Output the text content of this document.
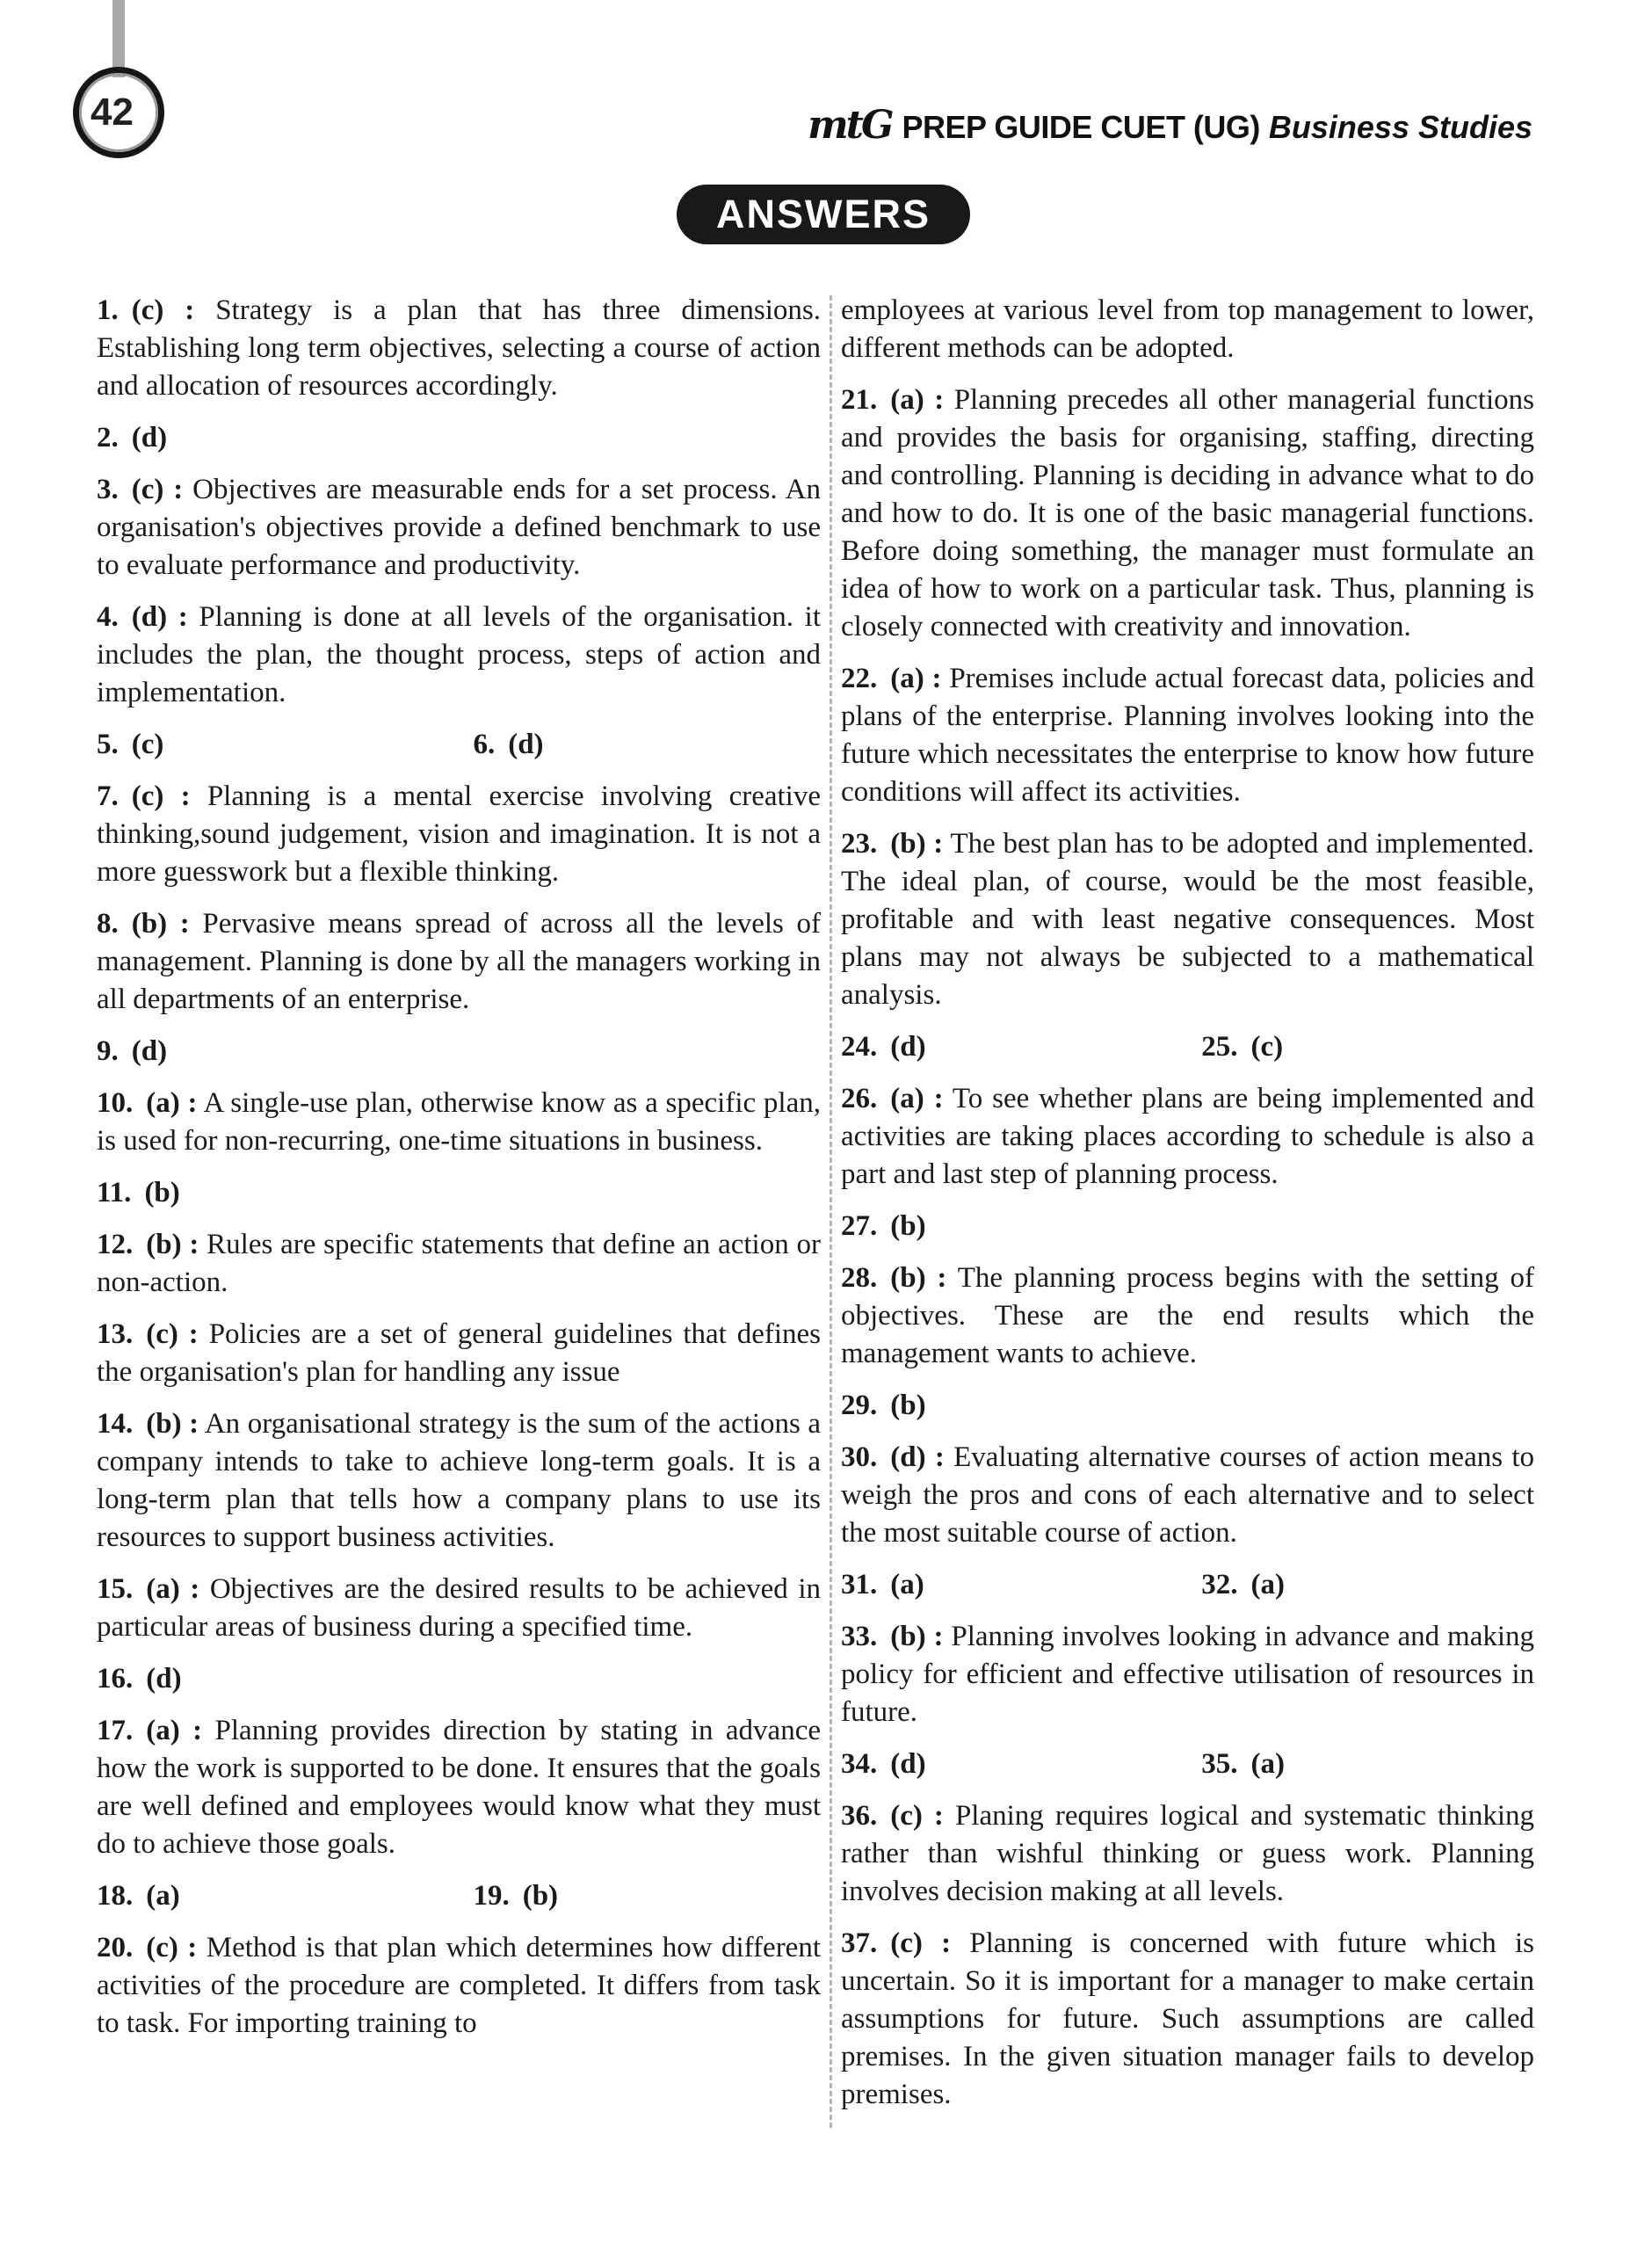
42	mtG PREP GUIDE CUET (UG) Business Studies
ANSWERS

1. (c) : Strategy is a plan that has three dimensions. Establishing long term objectives, selecting a course of action and allocation of resources accordingly.

2. (d)

3. (c) : Objectives are measurable ends for a set process. An organisation's objectives provide a defined benchmark to use to evaluate performance and productivity.

4. (d) : Planning is done at all levels of the organisation. it includes the plan, the thought process, steps of action and implementation.

5. (c)	6. (d)

7. (c) : Planning is a mental exercise involving creative thinking,sound judgement, vision and imagination. It is not a more guesswork but a flexible thinking.

8. (b) : Pervasive means spread of across all the levels of management. Planning is done by all the managers working in all departments of an enterprise.

9. (d)

10. (a) : A single-use plan, otherwise know as a specific plan, is used for non-recurring, one-time situations in business.

11. (b)

12. (b) : Rules are specific statements that define an action or non-action.

13. (c) : Policies are a set of general guidelines that defines the organisation's plan for handling any issue

14. (b) : An organisational strategy is the sum of the actions a company intends to take to achieve long-term goals. It is a long-term plan that tells how a company plans to use its resources to support business activities.

15. (a) : Objectives are the desired results to be achieved in particular areas of business during a specified time.

16. (d)

17. (a) : Planning provides direction by stating in advance how the work is supported to be done. It ensures that the goals are well defined and employees would know what they must do to achieve those goals.

18. (a)	19. (b)

20. (c) : Method is that plan which determines how different activities of the procedure are completed. It differs from task to task. For importing training to

employees at various level from top management to lower, different methods can be adopted.

21. (a) : Planning precedes all other managerial functions and provides the basis for organising, staffing, directing and controlling. Planning is deciding in advance what to do and how to do. It is one of the basic managerial functions. Before doing something, the manager must formulate an idea of how to work on a particular task. Thus, planning is closely connected with creativity and innovation.

22. (a) : Premises include actual forecast data, policies and plans of the enterprise. Planning involves looking into the future which necessitates the enterprise to know how future conditions will affect its activities.

23. (b) : The best plan has to be adopted and implemented. The ideal plan, of course, would be the most feasible, profitable and with least negative consequences. Most plans may not always be subjected to a mathematical analysis.

24. (d)	25. (c)

26. (a) : To see whether plans are being implemented and activities are taking places according to schedule is also a part and last step of planning process.

27. (b)

28. (b) : The planning process begins with the setting of objectives. These are the end results which the management wants to achieve.

29. (b)

30. (d) : Evaluating alternative courses of action means to weigh the pros and cons of each alternative and to select the most suitable course of action.

31. (a)	32. (a)

33. (b) : Planning involves looking in advance and making policy for efficient and effective utilisation of resources in future.

34. (d)	35. (a)

36. (c) : Planing requires logical and systematic thinking rather than wishful thinking or guess work. Planning involves decision making at all levels.

37. (c) : Planning is concerned with future which is uncertain. So it is important for a manager to make certain assumptions for future. Such assumptions are called premises. In the given situation manager fails to develop premises.
